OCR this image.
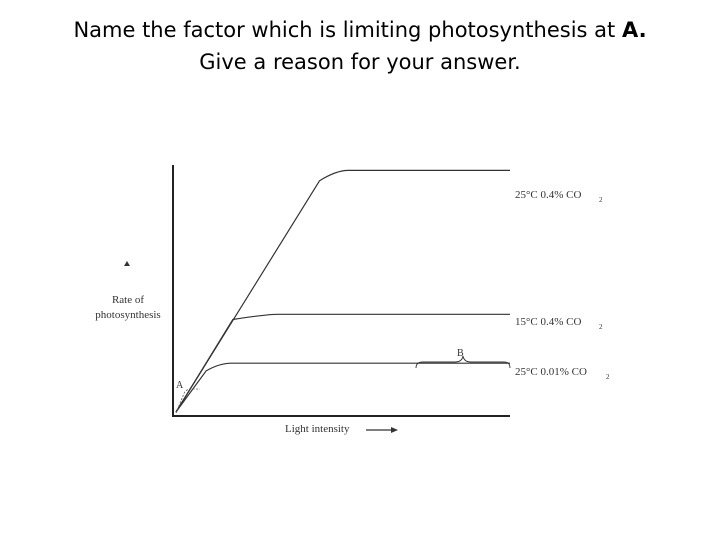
Name the factor which is limiting photosynthesis at A.
Give a reason for your answer.
Rate of
photosynthesis
Light intensity
25°C 0.4% CO	2
15°C 0.4% CO	2
25°C 0.01% CO	2
A
B
